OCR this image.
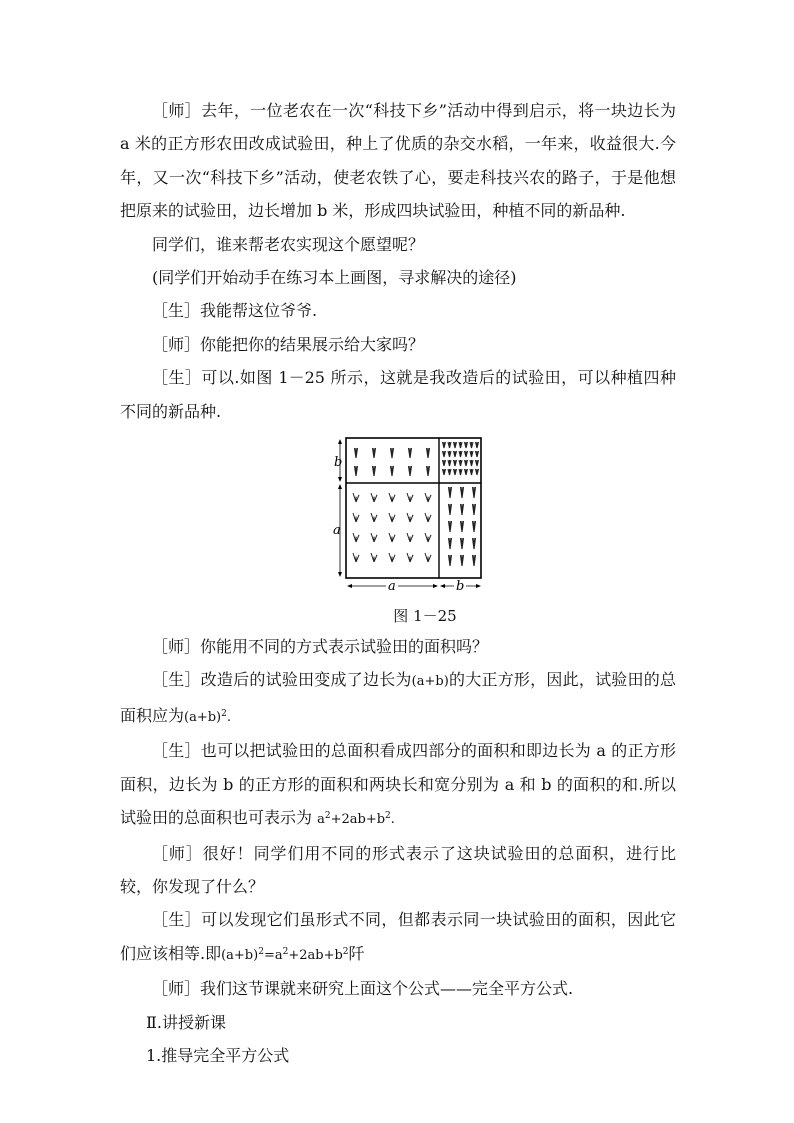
［师］去年，一位老农在一次“科技下乡”活动中得到启示，将一块边长为 a 米的正方形农田改成试验田，种上了优质的杂交水稻，一年来，收益很大.今年，又一次“科技下乡”活动，使老农铁了心，要走科技兴农的路子，于是他想把原来的试验田，边长增加 b 米，形成四块试验田，种植不同的新品种.

同学们，谁来帮老农实现这个愿望呢？

(同学们开始动手在练习本上画图，寻求解决的途径)

［生］我能帮这位爷爷.

［师］你能把你的结果展示给大家吗？

［生］可以.如图 1－25 所示，这就是我改造后的试验田，可以种植四种不同的新品种.

b
a
a	b
图 1－25

［师］你能用不同的方式表示试验田的面积吗？

［生］改造后的试验田变成了边长为(a+b)的大正方形，因此，试验田的总面积应为$(a+b)^2$.

［生］也可以把试验田的总面积看成四部分的面积和即边长为 a 的正方形面积，边长为 b 的正方形的面积和两块长和宽分别为 a 和 b 的面积的和.所以试验田的总面积也可表示为 $a^2+2ab+b^2$.

［师］很好！同学们用不同的形式表示了这块试验田的总面积，进行比较，你发现了什么？

［生］可以发现它们虽形式不同，但都表示同一块试验田的面积，因此它们应该相等.即$(a+b)^2=a^2+2ab+b^2$阡

［师］我们这节课就来研究上面这个公式——完全平方公式.

Ⅱ.讲授新课

1.推导完全平方公式
